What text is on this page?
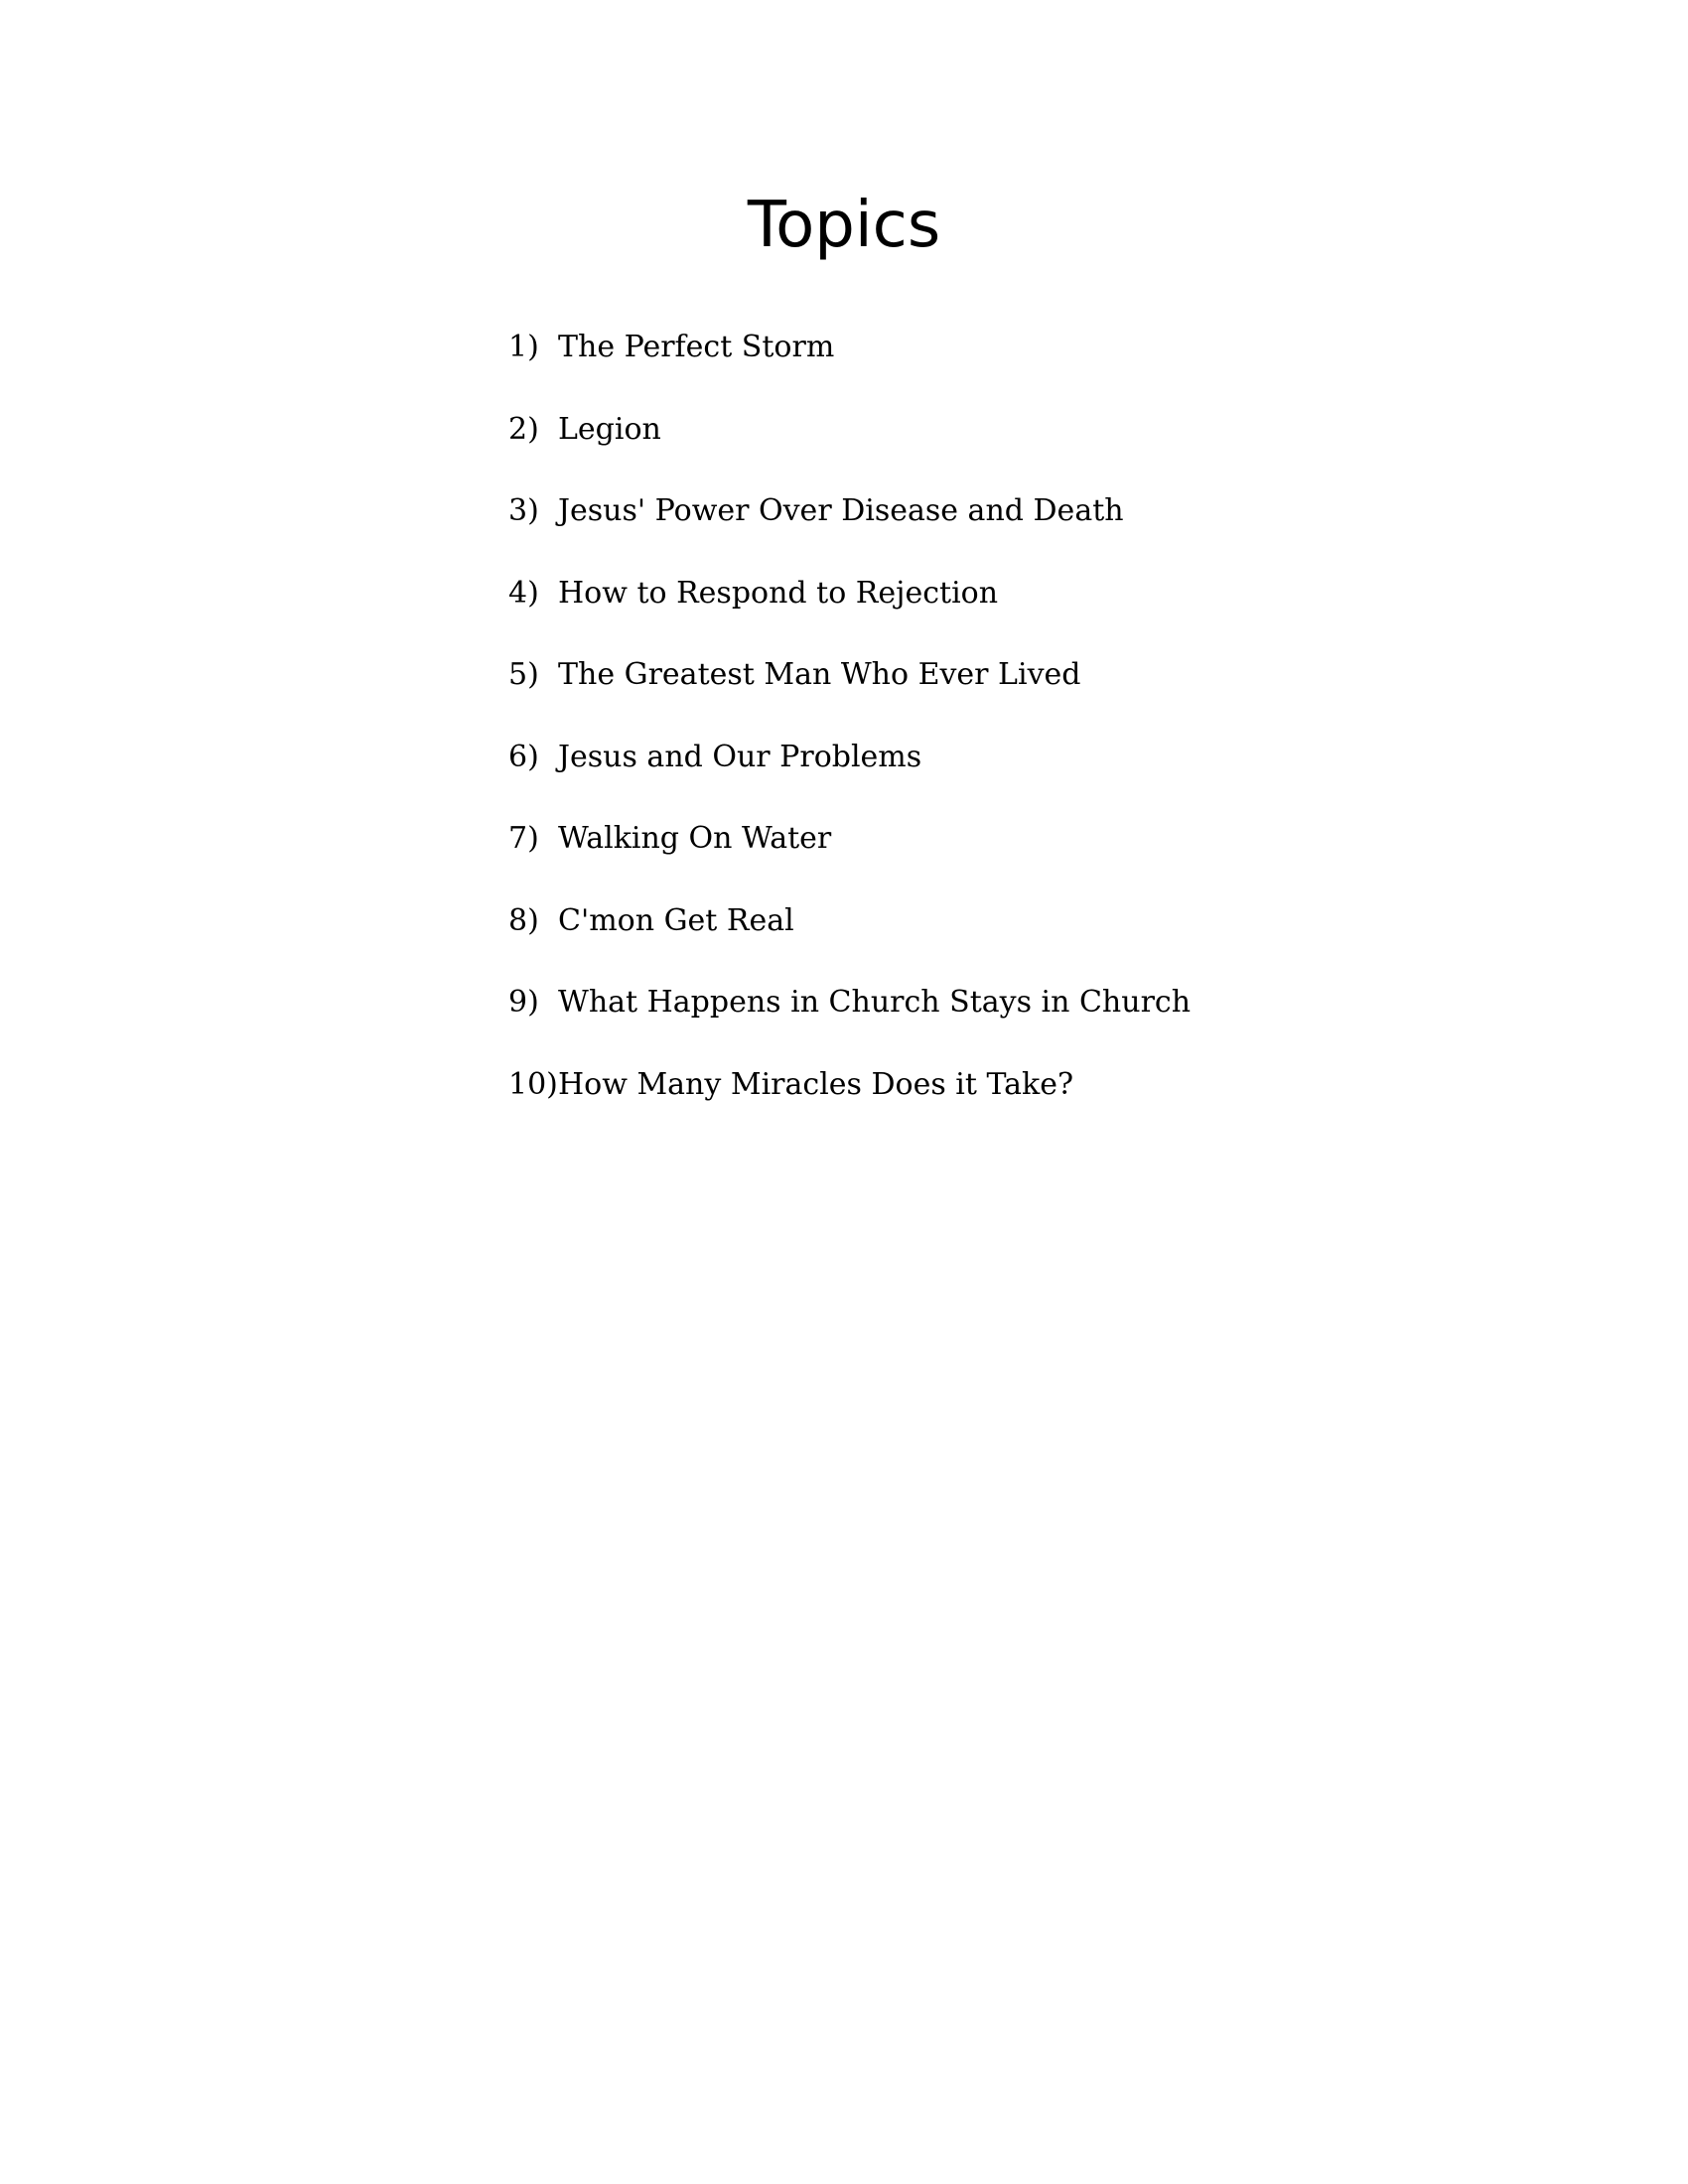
Topics
1) The Perfect Storm
2) Legion
3) Jesus' Power Over Disease and Death
4) How to Respond to Rejection
5) The Greatest Man Who Ever Lived
6) Jesus and Our Problems
7) Walking On Water
8) C'mon Get Real
9) What Happens in Church Stays in Church
10) How Many Miracles Does it Take?
